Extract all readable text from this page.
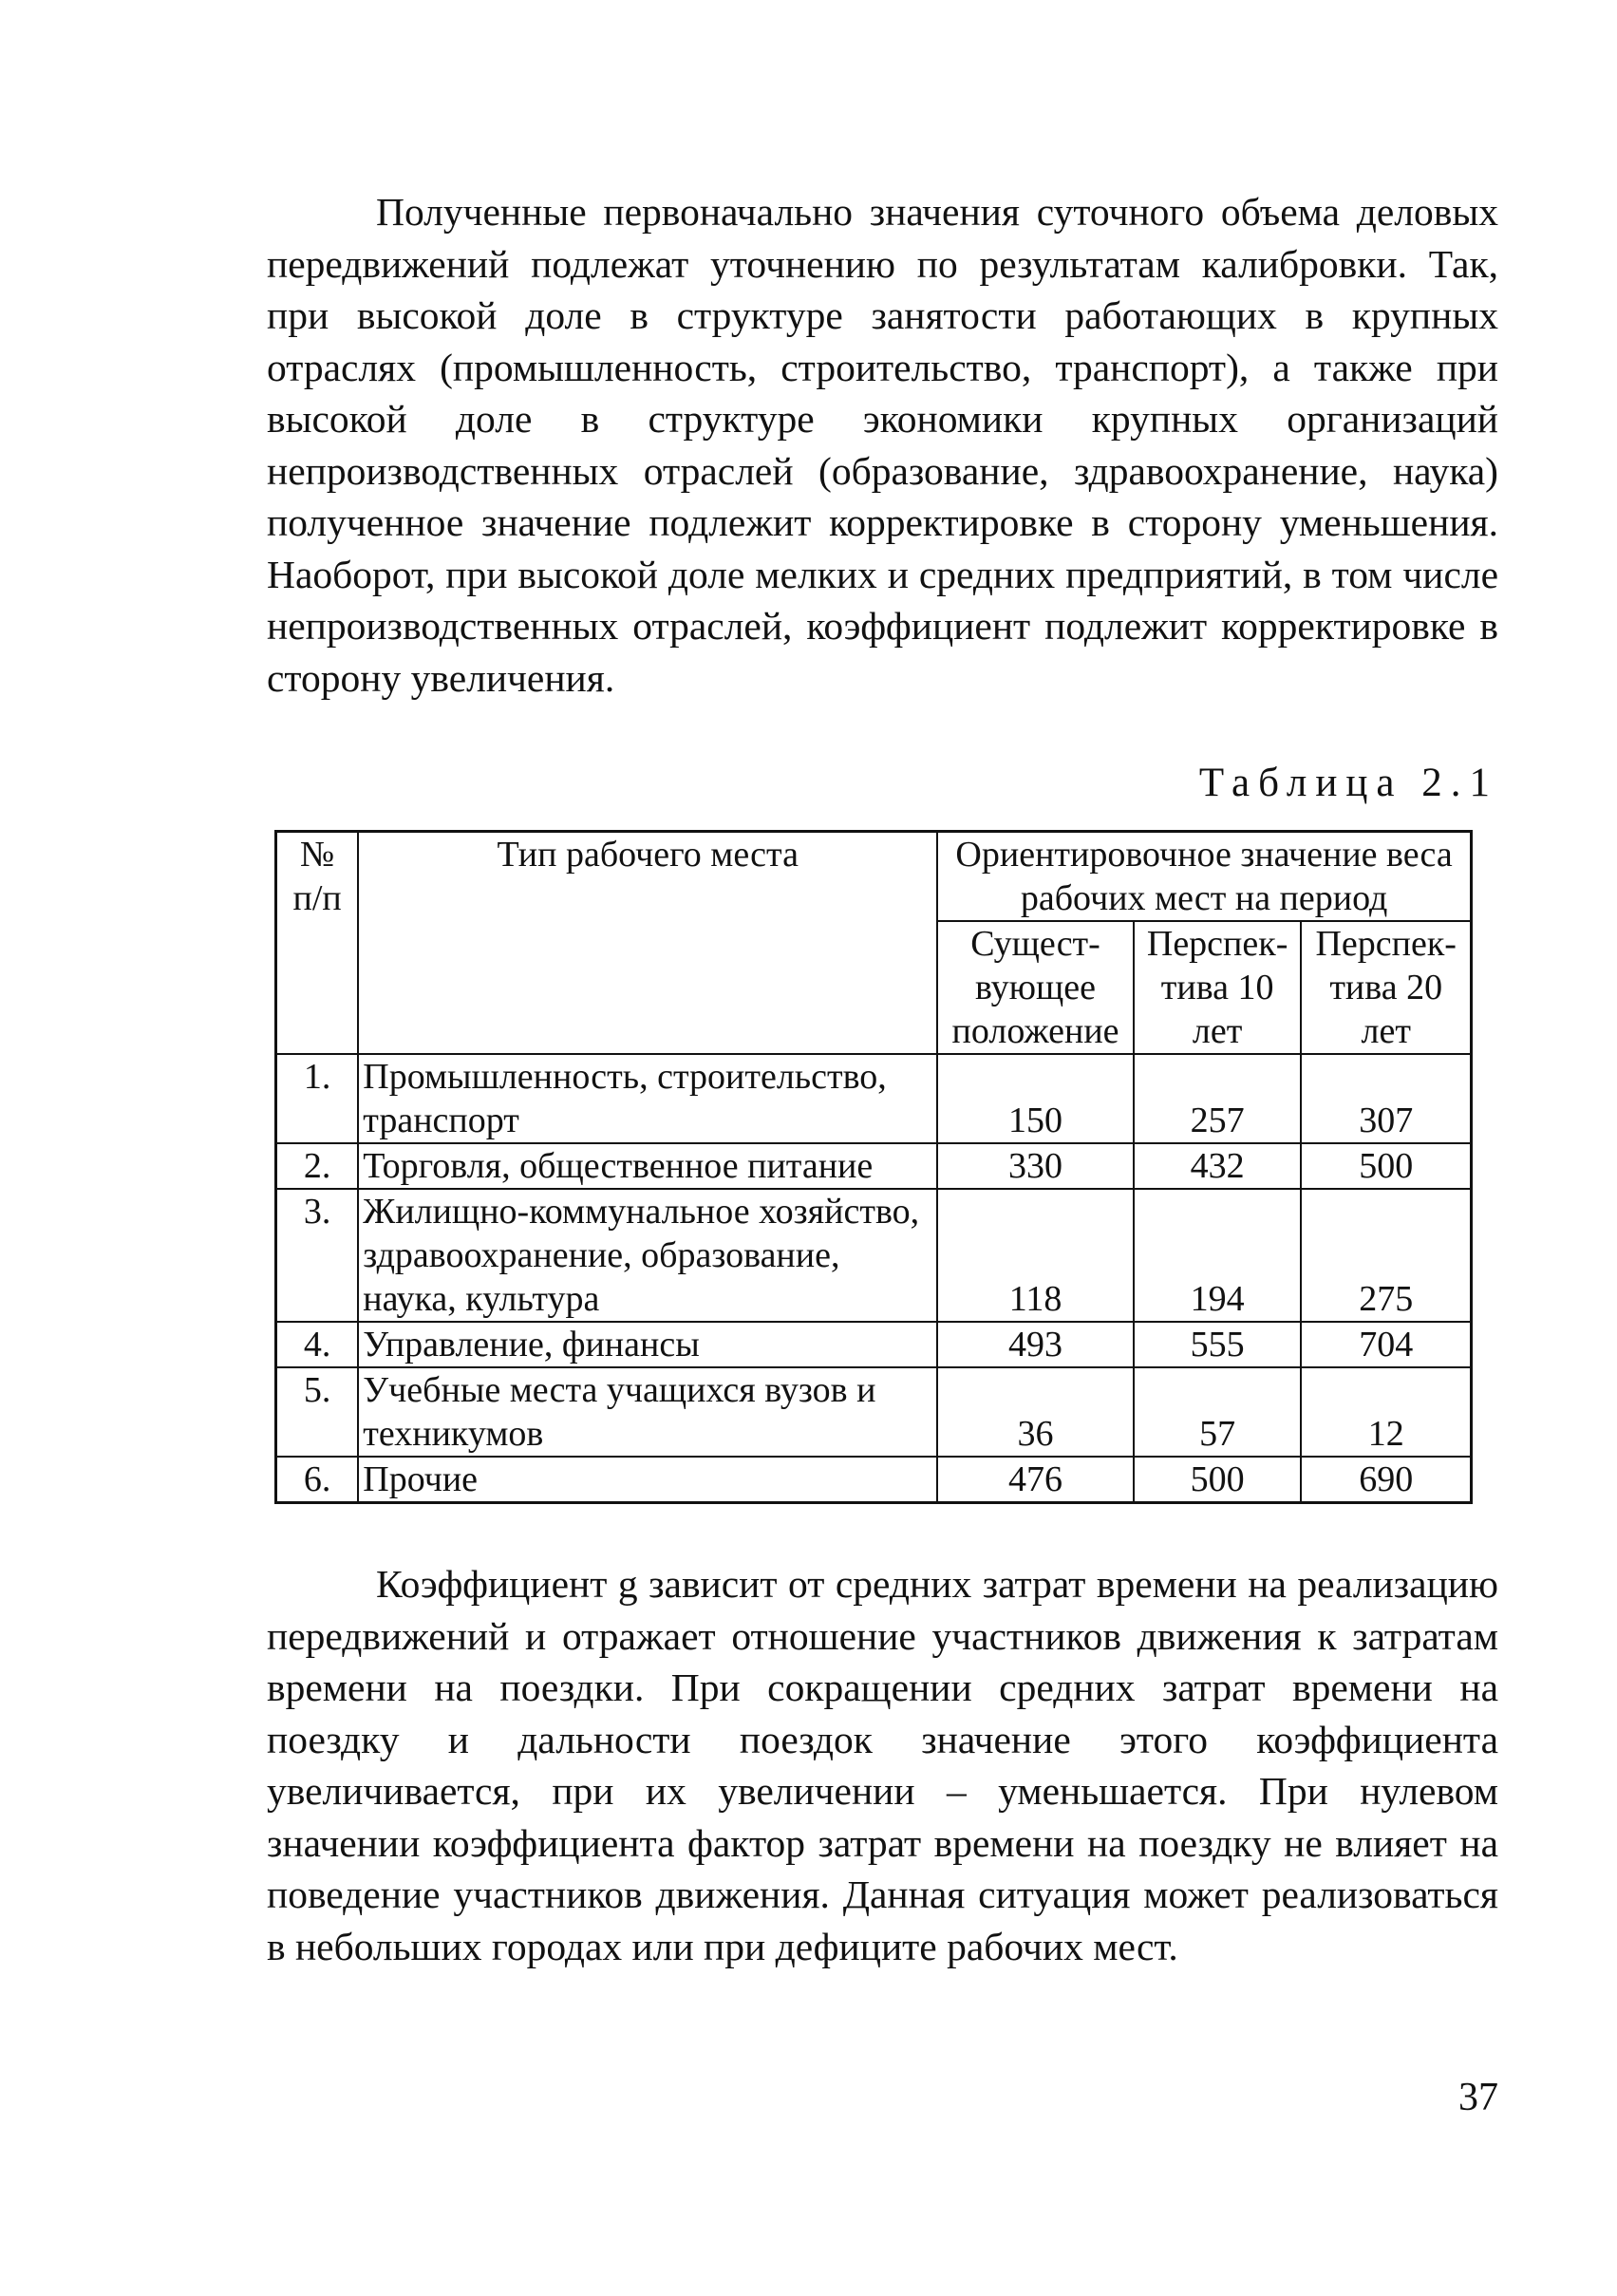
Полученные первоначально значения суточного объема деловых передвижений подлежат уточнению по результатам калибровки. Так, при высокой доле в структуре занятости работающих в крупных отраслях (промышленность, строительство, транспорт), а также при высокой доле в структуре экономики крупных организаций непроизводственных отраслей (образование, здравоохранение, наука) полученное значение подлежит корректировке в сторону уменьшения. Наоборот, при высокой доле мелких и средних предприятий, в том числе непроизводственных отраслей, коэффициент подлежит корректировке в сторону увеличения.

Таблица 2.1
№ п/п	Тип рабочего места	Ориентировочное значение веса рабочих мест на период		
		Сущест-вующее положение	Перспек-тива 10 лет	Перспек-тива 20 лет
1.	Промышленность, строительство, транспорт	150	257	307
2.	Торговля, общественное питание	330	432	500
3.	Жилищно-коммунальное хозяйство, здравоохранение, образование, наука, культура	118	194	275
4.	Управление, финансы	493	555	704
5.	Учебные места учащихся вузов и техникумов	36	57	12
6.	Прочие	476	500	690

Коэффициент g зависит от средних затрат времени на реализацию передвижений и отражает отношение участников движения к затратам времени на поездки. При сокращении средних затрат времени на поездку и дальности поездок значение этого коэффициента увеличивается, при их увеличении – уменьшается. При нулевом значении коэффициента фактор затрат времени на поездку не влияет на поведение участников движения. Данная ситуация может реализоваться в небольших городах или при дефиците рабочих мест.

37
